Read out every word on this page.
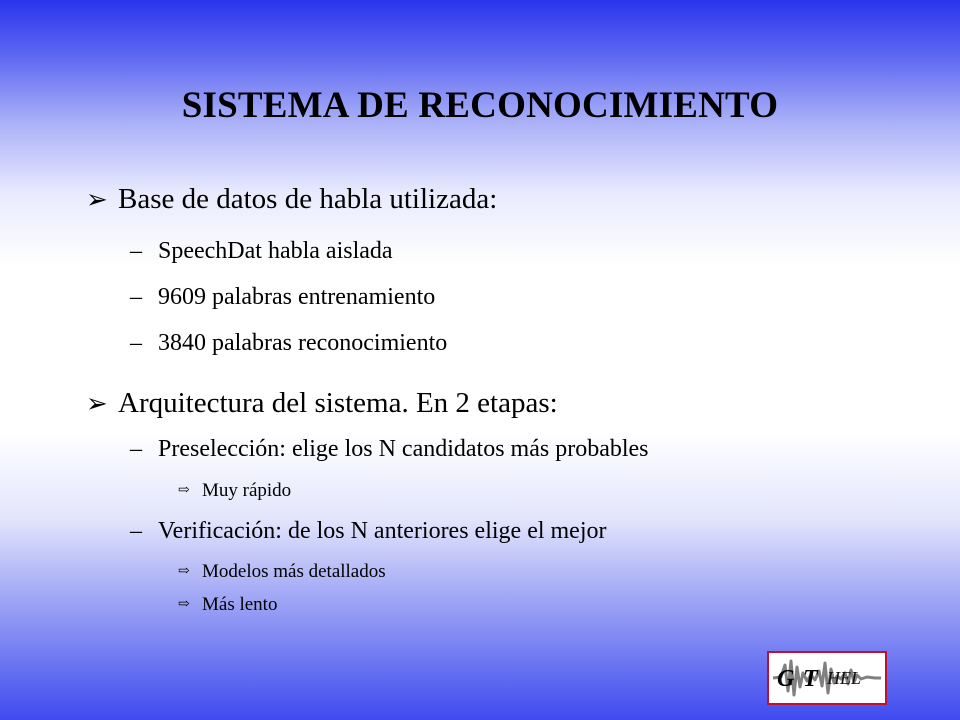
SISTEMA DE RECONOCIMIENTO
➢ Base de datos de habla utilizada:
– SpeechDat habla aislada
– 9609 palabras entrenamiento
– 3840 palabras reconocimiento
➢ Arquitectura del sistema. En 2 etapas:
– Preselección: elige los N candidatos más probables
⇨ Muy rápido
– Verificación: de los N anteriores elige el mejor
⇨ Modelos más detallados
⇨ Más lento
G T HEL
